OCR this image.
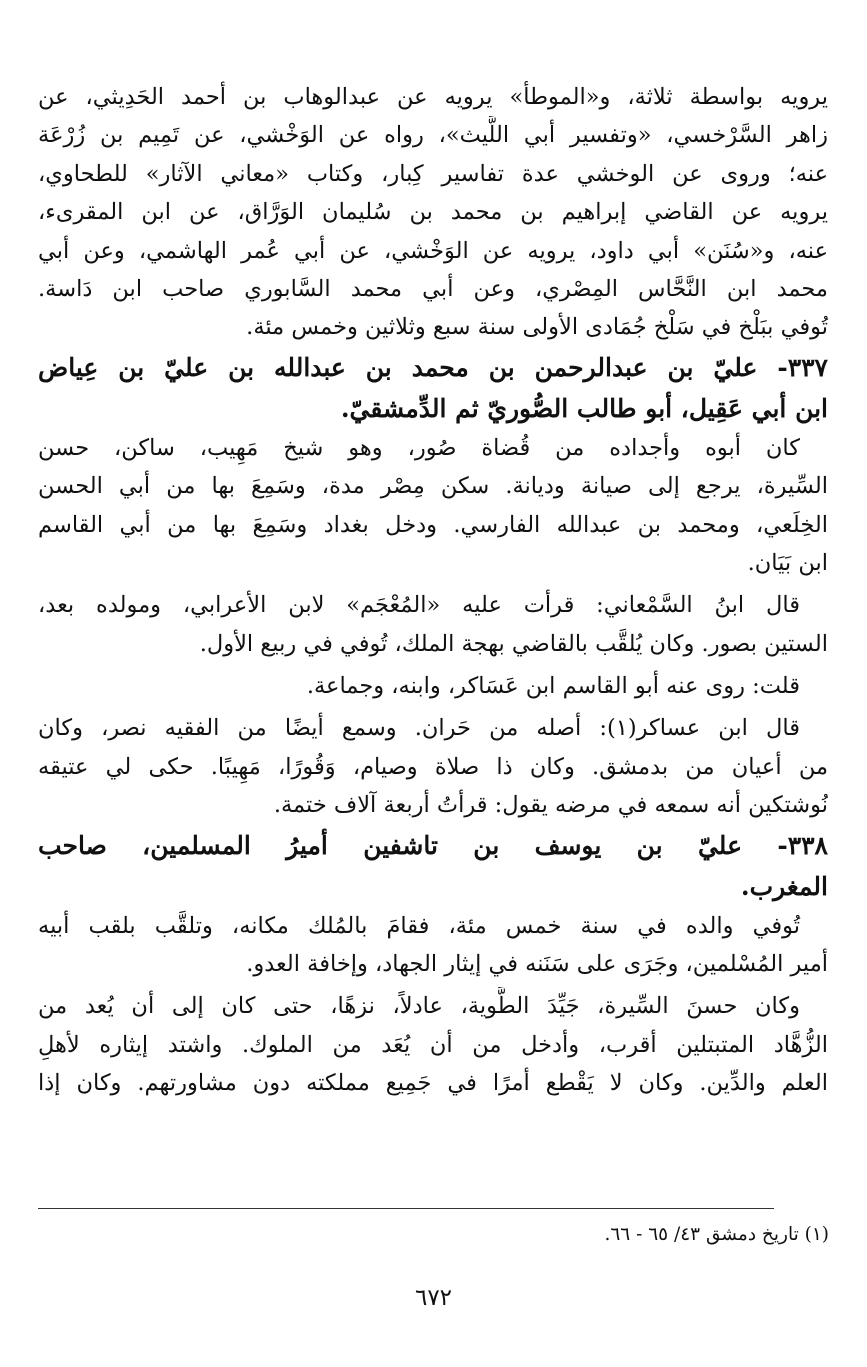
يرويه بواسطة ثلاثة، و«الموطأ» يرويه عن عبدالوهاب بن أحمد الحَدِيثي، عن
زاهر السَّرْخسي، «وتفسير أبي اللَّيث»، رواه عن الوَخْشي، عن تَمِيم بن زُرْعَة
عنه؛ وروى عن الوخشي عدة تفاسير كِبار، وكتاب «معاني الآثار» للطحاوي،
يرويه عن القاضي إبراهيم بن محمد بن سُليمان الوَرَّاق، عن ابن المقرىء،
عنه، و«سُنَن» أبي داود، يرويه عن الوَخْشي، عن أبي عُمر الهاشمي، وعن أبي
محمد ابن النَّحَّاس المِصْري، وعن أبي محمد السَّابوري صاحب ابن دَاسة.
تُوفي ببَلْخ في سَلْخ جُمَادى الأولى سنة سبع وثلاثين وخمس مئة.
٣٣٧- عليّ بن عبدالرحمن بن محمد بن عبدالله بن عليّ بن عِياض
ابن أبي عَقِيل، أبو طالب الصُّوريّ ثم الدِّمشقيّ.
كان أبوه وأجداده من قُضاة صُور، وهو شيخ مَهِيب، ساكن، حسن
السِّيرة، يرجع إلى صيانة وديانة. سكن مِصْر مدة، وسَمِعَ بها من أبي الحسن
الخِلَعي، ومحمد بن عبدالله الفارسي. ودخل بغداد وسَمِعَ بها من أبي القاسم
ابن بَيَان.
قال ابنُ السَّمْعاني: قرأت عليه «المُعْجَم» لابن الأعرابي، ومولده بعد،
الستين بصور. وكان يُلقَّب بالقاضي بهجة الملك، تُوفي في ربيع الأول.
قلت: روى عنه أبو القاسم ابن عَسَاكر، وابنه، وجماعة.
قال ابن عساكر(١): أصله من حَران. وسمع أيضًا من الفقيه نصر، وكان
من أعيان من بدمشق. وكان ذا صلاة وصيام، وَقُورًا، مَهِيبًا. حكى لي عتيقه
نُوشتكين أنه سمعه في مرضه يقول: قرأتُ أربعة آلاف ختمة.
٣٣٨- عليّ بن يوسف بن تاشفين أميرُ المسلمين، صاحب
المغرب.
تُوفي والده في سنة خمس مئة، فقامَ بالمُلك مكانه، وتلقَّب بلقب أبيه
أمير المُسْلمين، وجَرَى على سَنَنه في إيثار الجهاد، وإخافة العدو.
وكان حسنَ السِّيرة، جَيِّدَ الطَّوية، عادلاً، نزهًا، حتى كان إلى أن يُعد من
الزُّهَّاد المتبتلين أقرب، وأدخل من أن يُعَد من الملوك. واشتد إيثاره لأهلِ
العلم والدِّين. وكان لا يَقْطع أمرًا في جَمِيع مملكته دون مشاورتهم. وكان إذا
(١) تاريخ دمشق ٤٣/ ٦٥ - ٦٦.
٦٧٢
